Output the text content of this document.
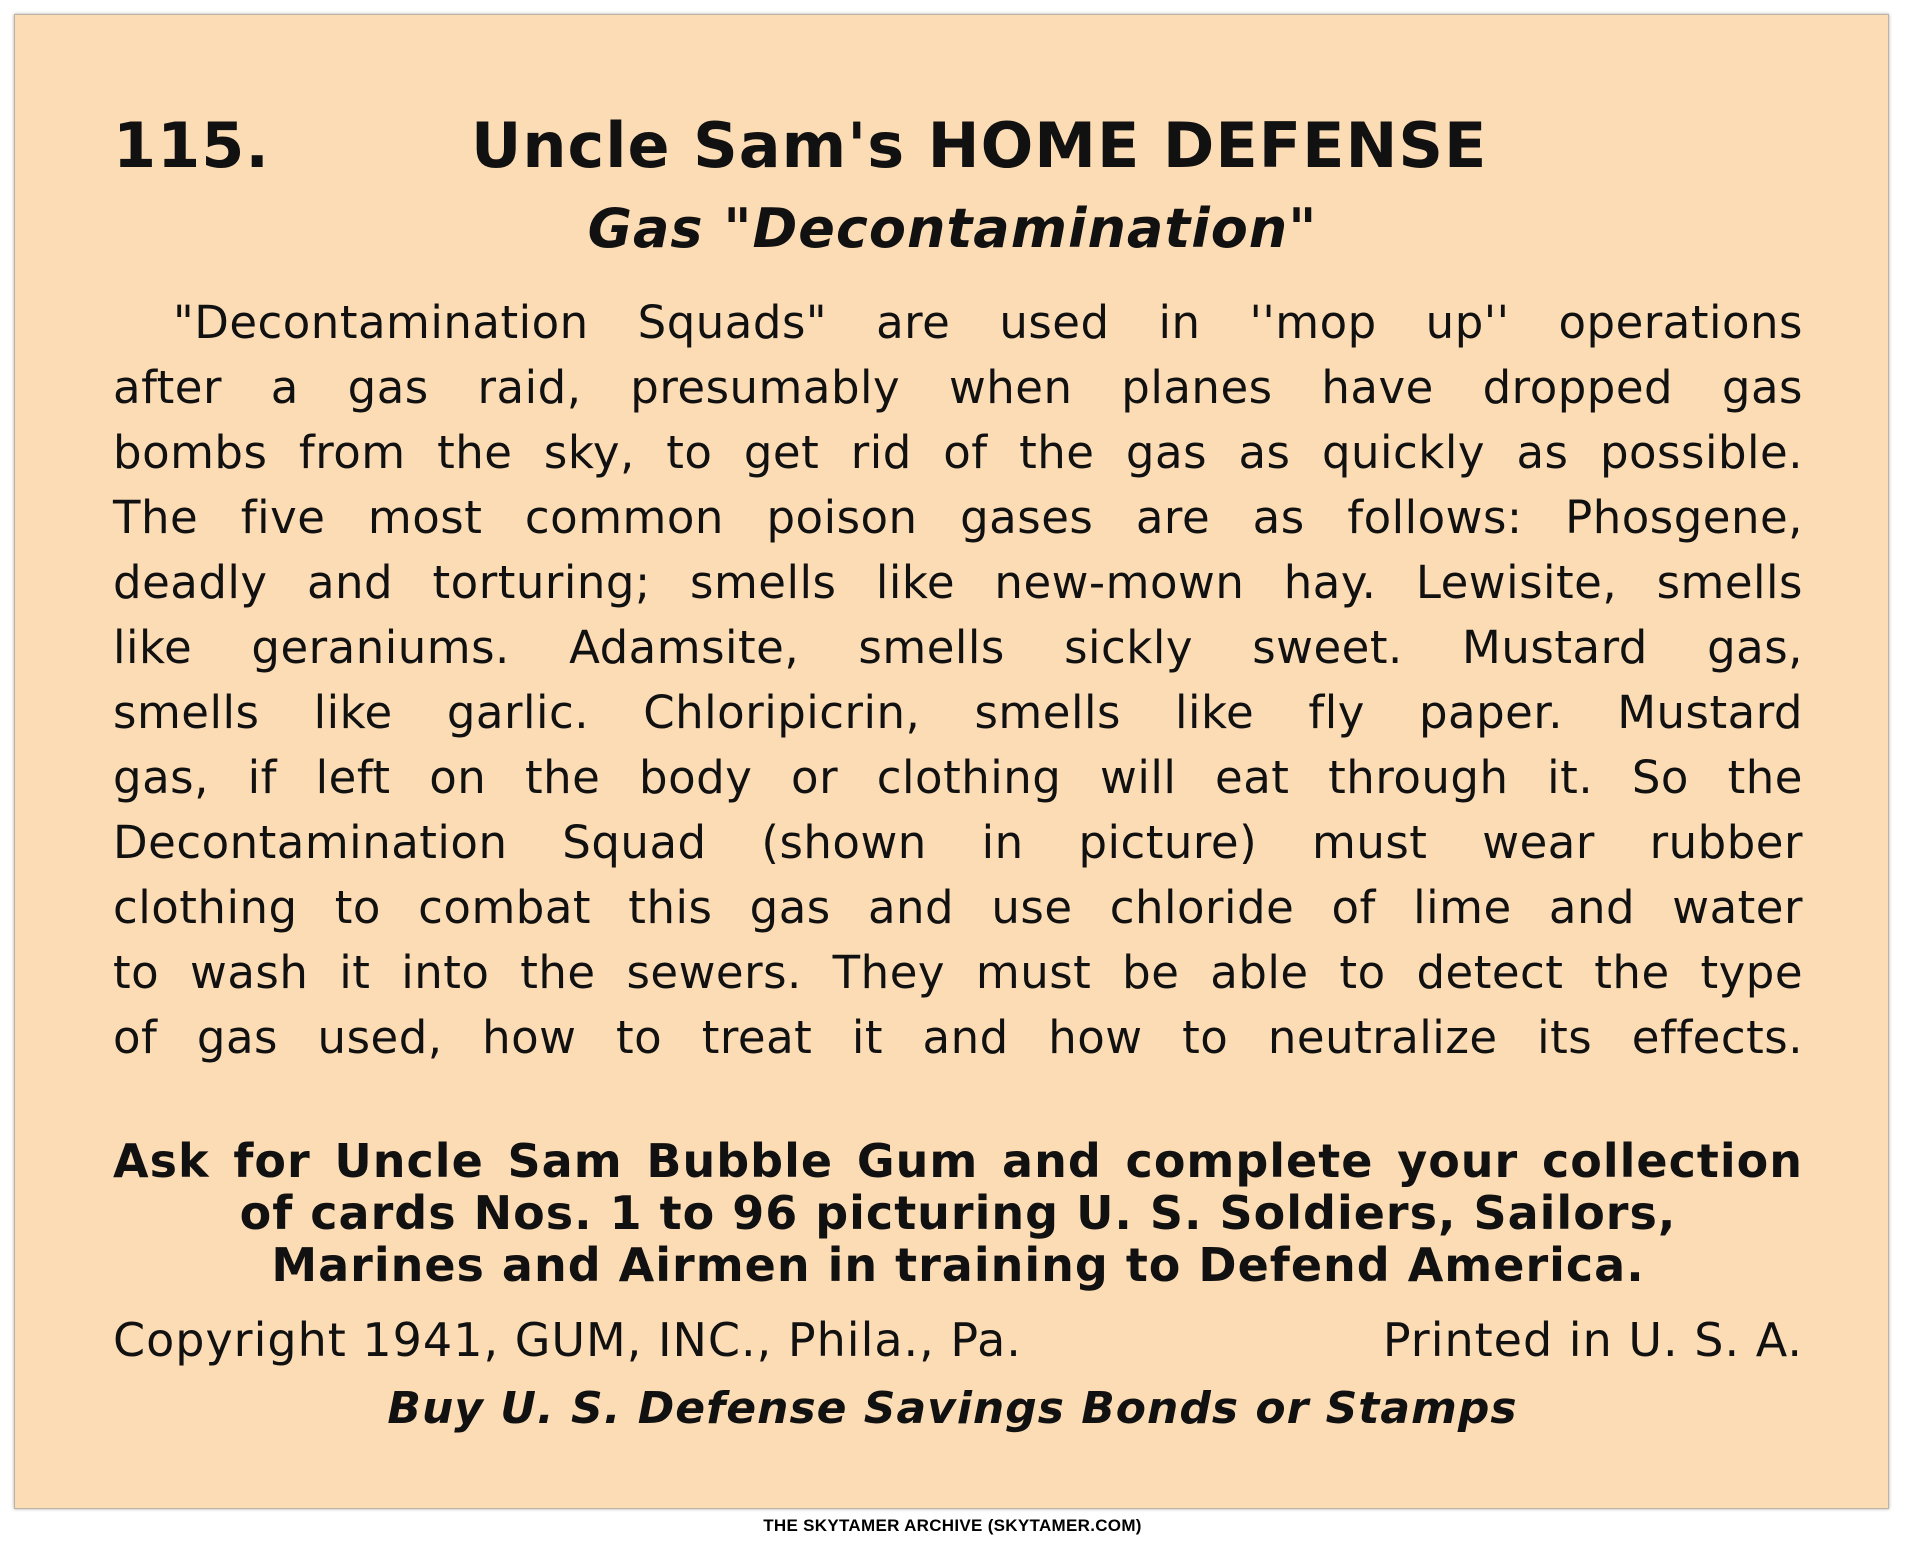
115.	Uncle Sam's HOME DEFENSE
Gas "Decontamination"
"Decontamination Squads" are used in ''mop up'' operations
after a gas raid, presumably when planes have dropped gas
bombs from the sky, to get rid of the gas as quickly as possible.
The five most common poison gases are as follows: Phosgene,
deadly and torturing; smells like new-mown hay. Lewisite, smells
like geraniums. Adamsite, smells sickly sweet. Mustard gas,
smells like garlic. Chloripicrin, smells like fly paper. Mustard
gas, if left on the body or clothing will eat through it. So the
Decontamination Squad (shown in picture) must wear rubber
clothing to combat this gas and use chloride of lime and water
to wash it into the sewers. They must be able to detect the type
of gas used, how to treat it and how to neutralize its effects.
Ask for Uncle Sam Bubble Gum and complete your collection
of cards Nos. 1 to 96 picturing U. S. Soldiers, Sailors,
Marines and Airmen in training to Defend America.
Copyright 1941, GUM, INC., Phila., Pa.	Printed in U. S. A.
Buy U. S. Defense Savings Bonds or Stamps
THE SKYTAMER ARCHIVE (SKYTAMER.COM)
